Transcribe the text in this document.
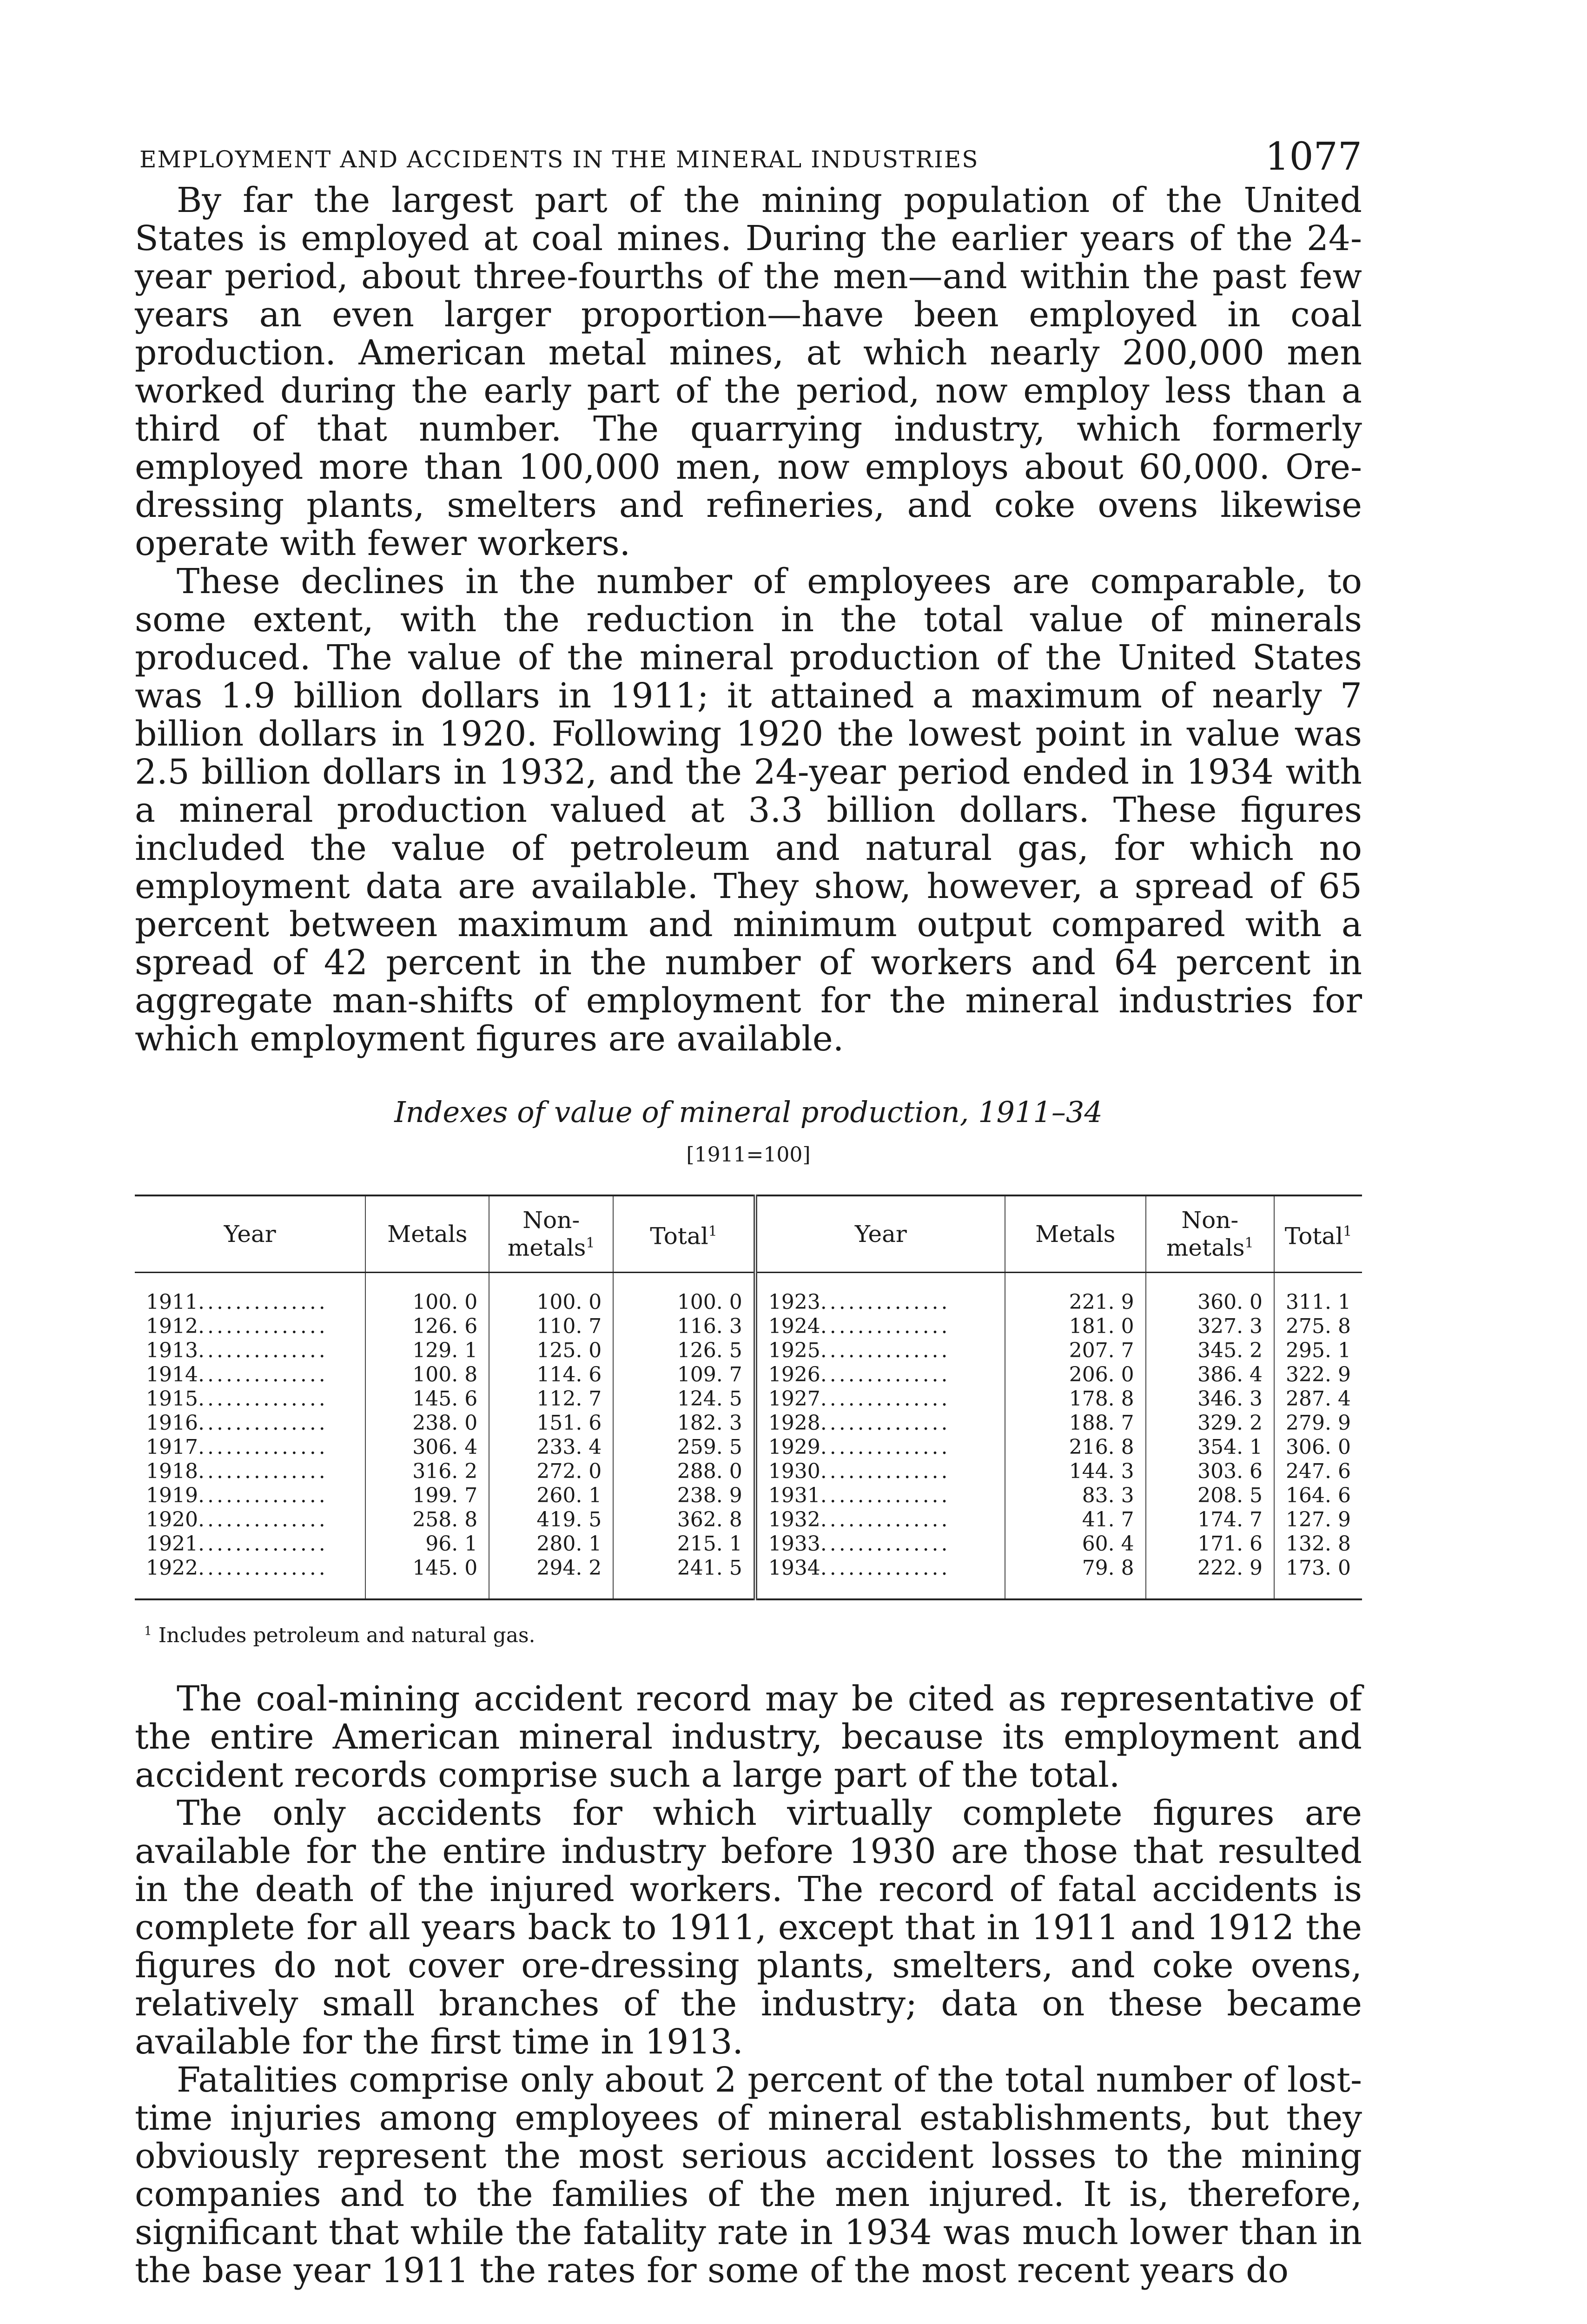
EMPLOYMENT AND ACCIDENTS IN THE MINERAL INDUSTRIES	1077

By far the largest part of the mining population of the United States is employed at coal mines. During the earlier years of the 24-year period, about three-fourths of the men—and within the past few years an even larger proportion—have been employed in coal production. American metal mines, at which nearly 200,000 men worked during the early part of the period, now employ less than a third of that number. The quarrying industry, which formerly employed more than 100,000 men, now employs about 60,000. Ore-dressing plants, smelters and refineries, and coke ovens likewise operate with fewer workers.

These declines in the number of employees are comparable, to some extent, with the reduction in the total value of minerals produced. The value of the mineral production of the United States was 1.9 billion dollars in 1911; it attained a maximum of nearly 7 billion dollars in 1920. Following 1920 the lowest point in value was 2.5 billion dollars in 1932, and the 24-year period ended in 1934 with a mineral production valued at 3.3 billion dollars. These figures included the value of petroleum and natural gas, for which no employment data are available. They show, however, a spread of 65 percent between maximum and minimum output compared with a spread of 42 percent in the number of workers and 64 percent in aggregate man-shifts of employment for the mineral industries for which employment figures are available.

Indexes of value of mineral production, 1911–34
[1911=100]
Year	Metals	Non-metals$^1$	Total$^1$	Year	Metals	Non-metals$^1$	Total$^1$
1911..............	100. 0	100. 0	100. 0	1923..............	221. 9	360. 0	311. 1
1912..............	126. 6	110. 7	116. 3	1924..............	181. 0	327. 3	275. 8
1913..............	129. 1	125. 0	126. 5	1925..............	207. 7	345. 2	295. 1
1914..............	100. 8	114. 6	109. 7	1926..............	206. 0	386. 4	322. 9
1915..............	145. 6	112. 7	124. 5	1927..............	178. 8	346. 3	287. 4
1916..............	238. 0	151. 6	182. 3	1928..............	188. 7	329. 2	279. 9
1917..............	306. 4	233. 4	259. 5	1929..............	216. 8	354. 1	306. 0
1918..............	316. 2	272. 0	288. 0	1930..............	144. 3	303. 6	247. 6
1919..............	199. 7	260. 1	238. 9	1931..............	83. 3	208. 5	164. 6
1920..............	258. 8	419. 5	362. 8	1932..............	41. 7	174. 7	127. 9
1921..............	96. 1	280. 1	215. 1	1933..............	60. 4	171. 6	132. 8
1922..............	145. 0	294. 2	241. 5	1934..............	79. 8	222. 9	173. 0
$^1$ Includes petroleum and natural gas.

The coal-mining accident record may be cited as representative of the entire American mineral industry, because its employment and accident records comprise such a large part of the total.

The only accidents for which virtually complete figures are available for the entire industry before 1930 are those that resulted in the death of the injured workers. The record of fatal accidents is complete for all years back to 1911, except that in 1911 and 1912 the figures do not cover ore-dressing plants, smelters, and coke ovens, relatively small branches of the industry; data on these became available for the first time in 1913.

Fatalities comprise only about 2 percent of the total number of lost-time injuries among employees of mineral establishments, but they obviously represent the most serious accident losses to the mining companies and to the families of the men injured. It is, therefore, significant that while the fatality rate in 1934 was much lower than in the base year 1911 the rates for some of the most recent years do
